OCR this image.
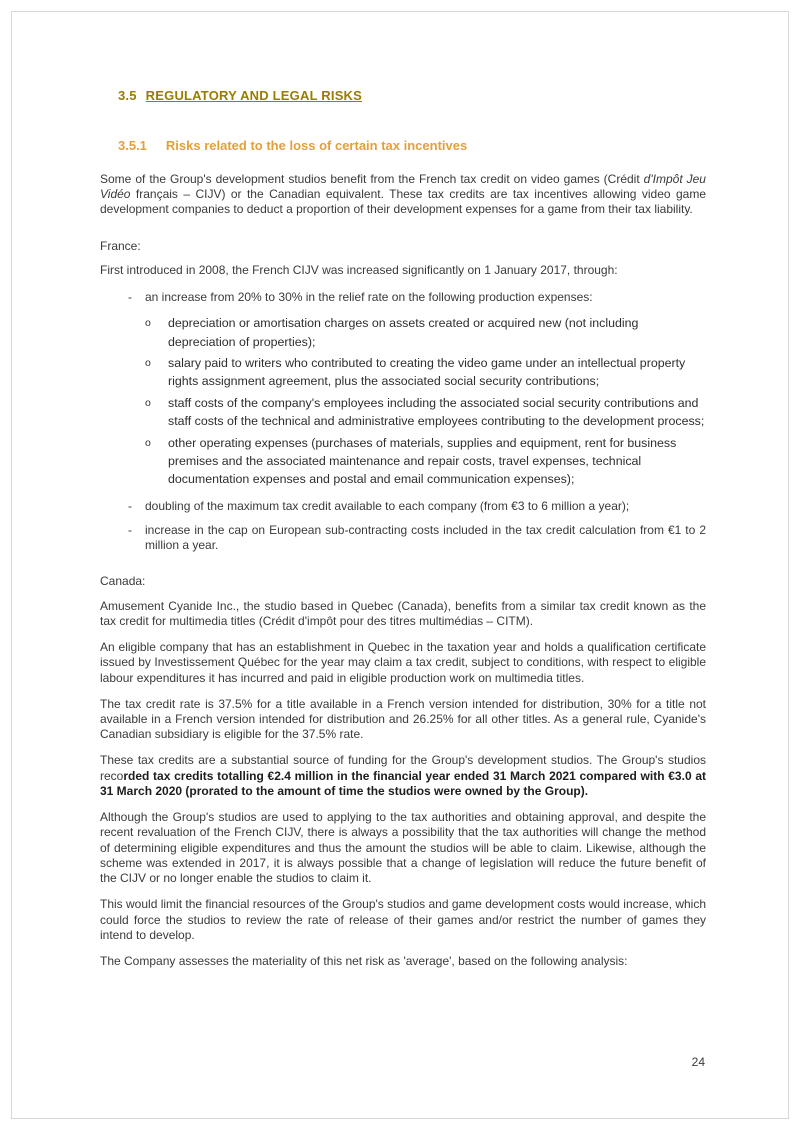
3.5 REGULATORY AND LEGAL RISKS
3.5.1 Risks related to the loss of certain tax incentives

Some of the Group's development studios benefit from the French tax credit on video games (Crédit d'Impôt Jeu Vidéo français – CIJV) or the Canadian equivalent. These tax credits are tax incentives allowing video game development companies to deduct a proportion of their development expenses for a game from their tax liability.

France:

First introduced in 2008, the French CIJV was increased significantly on 1 January 2017, through:

-	an increase from 20% to 30% in the relief rate on the following production expenses:
o	depreciation or amortisation charges on assets created or acquired new (not including depreciation of properties);
o	salary paid to writers who contributed to creating the video game under an intellectual property rights assignment agreement, plus the associated social security contributions;
o	staff costs of the company's employees including the associated social security contributions and staff costs of the technical and administrative employees contributing to the development process;
o	other operating expenses (purchases of materials, supplies and equipment, rent for business premises and the associated maintenance and repair costs, travel expenses, technical documentation expenses and postal and email communication expenses);
-	doubling of the maximum tax credit available to each company (from €3 to 6 million a year);
-	increase in the cap on European sub-contracting costs included in the tax credit calculation from €1 to 2 million a year.

Canada:

Amusement Cyanide Inc., the studio based in Quebec (Canada), benefits from a similar tax credit known as the tax credit for multimedia titles (Crédit d'impôt pour des titres multimédias – CITM).

An eligible company that has an establishment in Quebec in the taxation year and holds a qualification certificate issued by Investissement Québec for the year may claim a tax credit, subject to conditions, with respect to eligible labour expenditures it has incurred and paid in eligible production work on multimedia titles.

The tax credit rate is 37.5% for a title available in a French version intended for distribution, 30% for a title not available in a French version intended for distribution and 26.25% for all other titles. As a general rule, Cyanide's Canadian subsidiary is eligible for the 37.5% rate.

These tax credits are a substantial source of funding for the Group's development studios. The Group's studios recorded tax credits totalling €2.4 million in the financial year ended 31 March 2021 compared with €3.0 at 31 March 2020 (prorated to the amount of time the studios were owned by the Group).

Although the Group's studios are used to applying to the tax authorities and obtaining approval, and despite the recent revaluation of the French CIJV, there is always a possibility that the tax authorities will change the method of determining eligible expenditures and thus the amount the studios will be able to claim. Likewise, although the scheme was extended in 2017, it is always possible that a change of legislation will reduce the future benefit of the CIJV or no longer enable the studios to claim it.

This would limit the financial resources of the Group's studios and game development costs would increase, which could force the studios to review the rate of release of their games and/or restrict the number of games they intend to develop.

The Company assesses the materiality of this net risk as 'average', based on the following analysis:

24
